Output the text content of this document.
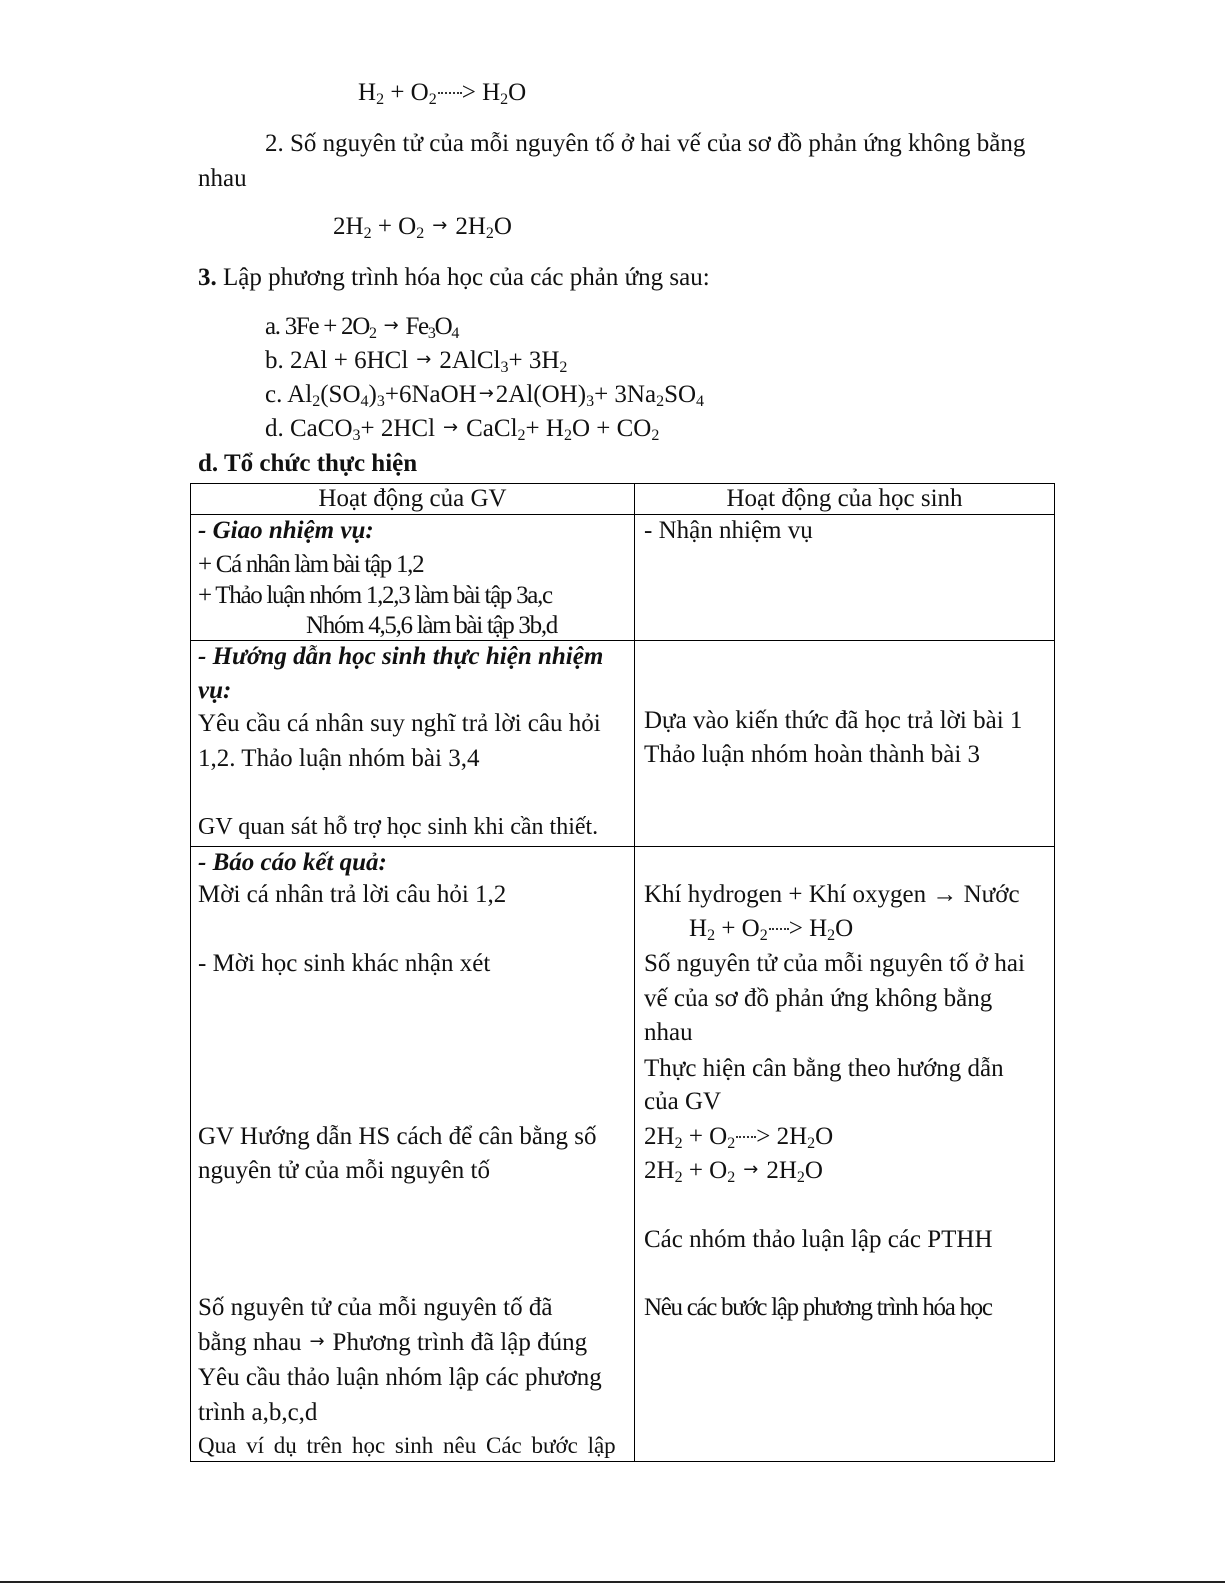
$H_2 + O_2 > H_2O$
2. Số nguyên tử của mỗi nguyên tố ở hai vế của sơ đồ phản ứng không bằng
nhau
$2H_2 + O_2 \to 2H_2O$
3. Lập phương trình hóa học của các phản ứng sau:
a. $3Fe + 2O_2 \to Fe_3O_4$
b. 2Al + 6HCl → 2AlCl$_3$+ $3H_2$
c. $Al_2(SO_4)_3+6NaOH \to 2Al(OH)_3+ 3Na_2SO_4$
d. CaCO$_3$+ 2HCl → CaCl$_2$+ $H_2O + CO_2$
d. Tổ chức thực hiện
Hoạt động của GV	Hoạt động của học sinh
- Giao nhiệm vụ:
+ Cá nhân làm bài tập 1,2
+ Thảo luận nhóm 1,2,3 làm bài tập 3a,c
Nhóm 4,5,6 làm bài tập 3b,d
- Nhận nhiệm vụ
- Hướng dẫn học sinh thực hiện nhiệm
vụ:
Yêu cầu cá nhân suy nghĩ trả lời câu hỏi
1,2. Thảo luận nhóm bài 3,4
GV quan sát hỗ trợ học sinh khi cần thiết.
Dựa vào kiến thức đã học trả lời bài 1
Thảo luận nhóm hoàn thành bài 3
- Báo cáo kết quả:
Mời cá nhân trả lời câu hỏi 1,2
- Mời học sinh khác nhận xét
GV Hướng dẫn HS cách để cân bằng số
nguyên tử của mỗi nguyên tố
Số nguyên tử của mỗi nguyên tố đã
bằng nhau → Phương trình đã lập đúng
Yêu cầu thảo luận nhóm lập các phương
trình a,b,c,d
Qua ví dụ trên học sinh nêu Các bước lập
Khí hydrogen + Khí oxygen → Nước
$H_2 + O_2 > H_2O$
Số nguyên tử của mỗi nguyên tố ở hai
vế của sơ đồ phản ứng không bằng
nhau
Thực hiện cân bằng theo hướng dẫn
của GV
$2H_2 + O_2 > 2H_2O$
$2H_2 + O_2 \to 2H_2O$
Các nhóm thảo luận lập các PTHH
Nêu các bước lập phương trình hóa học
